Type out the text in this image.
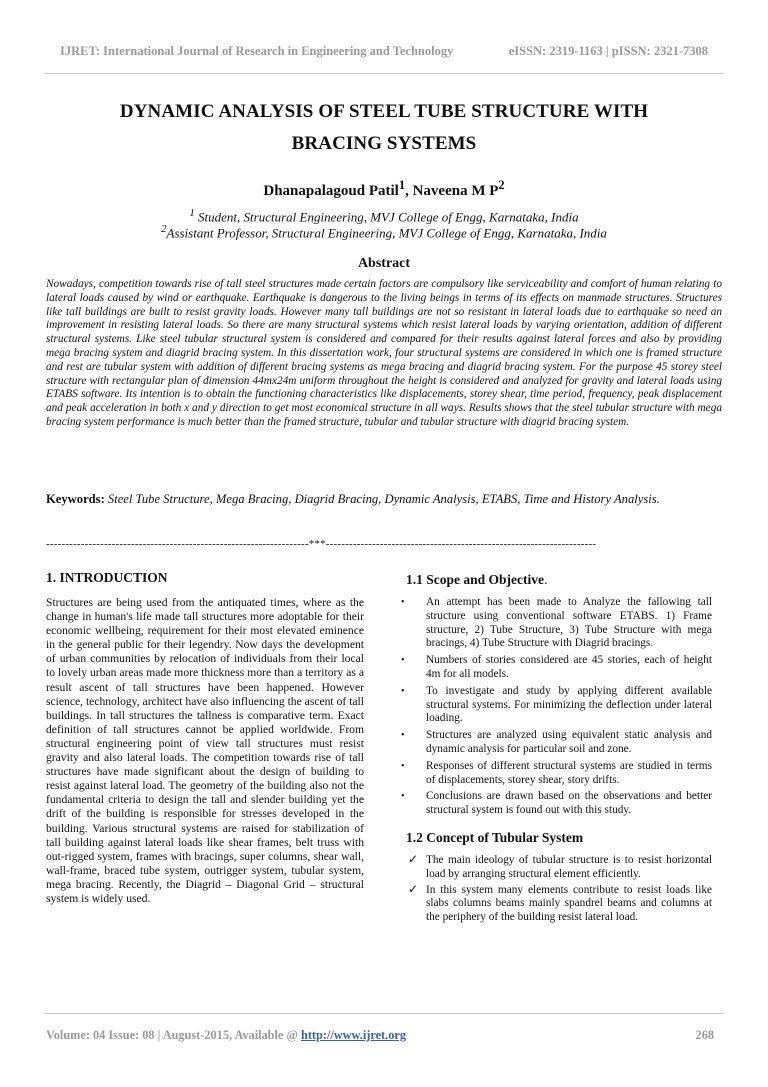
IJRET: International Journal of Research in Engineering and Technology	eISSN: 2319-1163 | pISSN: 2321-7308
DYNAMIC ANALYSIS OF STEEL TUBE STRUCTURE WITH
BRACING SYSTEMS
Dhanapalagoud Patil$^1$, Naveena M $P^2$
$^1$ Student, Structural Engineering, MVJ College of Engg, Karnataka, India
$^2$Assistant Professor, Structural Engineering, MVJ College of Engg, Karnataka, India
Abstract

Nowadays, competition towards rise of tall steel structures made certain factors are compulsory like serviceability and comfort of human relating to lateral loads caused by wind or earthquake. Earthquake is dangerous to the living beings in terms of its effects on manmade structures. Structures like tall buildings are built to resist gravity loads. However many tall buildings are not so resistant in lateral loads due to earthquake so need an improvement in resisting lateral loads. So there are many structural systems which resist lateral loads by varying orientation, addition of different structural systems. Like steel tubular structural system is considered and compared for their results against lateral forces and also by providing mega bracing system and diagrid bracing system. In this dissertation work, four structural systems are considered in which one is framed structure and rest are tubular system with addition of different bracing systems as mega bracing and diagrid bracing system. For the purpose 45 storey steel structure with rectangular plan of dimension 44mx24m uniform throughout the height is considered and analyzed for gravity and lateral loads using ETABS software. Its intention is to obtain the functioning characteristics like displacements, storey shear, time period, frequency, peak displacement and peak acceleration in both x and y direction to get most economical structure in all ways. Results shows that the steel tubular structure with mega bracing system performance is much better than the framed structure, tubular and tubular structure with diagrid bracing system.

Keywords: Steel Tube Structure, Mega Bracing, Diagrid Bracing, Dynamic Analysis, ETABS, Time and History Analysis.

--------------------------------------------------------------------***----------------------------------------------------------------------
1. INTRODUCTION

Structures are being used from the antiquated times, where as the change in human's life made tall structures more adoptable for their economic wellbeing, requirement for their most elevated eminence in the general public for their legendry. Now days the development of urban communities by relocation of individuals from their local to lovely urban areas made more thickness more than a territory as a result ascent of tall structures have been happened. However science, technology, architect have also influencing the ascent of tall buildings. In tall structures the tallness is comparative term. Exact definition of tall structures cannot be applied worldwide. From structural engineering point of view tall structures must resist gravity and also lateral loads. The competition towards rise of tall structures have made significant about the design of building to resist against lateral load. The geometry of the building also not the fundamental criteria to design the tall and slender building yet the drift of the building is responsible for stresses developed in the building. Various structural systems are raised for stabilization of tall building against lateral loads like shear frames, belt truss with out-rigged system, frames with bracings, super columns, shear wall, wall-frame, braced tube system, outrigger system, tubular system, mega bracing. Recently, the Diagrid – Diagonal Grid – structural system is widely used.

1.1 Scope and Objective.
• An attempt has been made to Analyze the fallowing tall structure using conventional software ETABS. 1) Frame structure, 2) Tube Structure, 3) Tube Structure with mega bracings, 4) Tube Structure with Diagrid bracings.
• Numbers of stories considered are 45 stories, each of height 4m for all models.
• To investigate and study by applying different available structural systems. For minimizing the deflection under lateral loading.
• Structures are analyzed using equivalent static analysis and dynamic analysis for particular soil and zone.
• Responses of different structural systems are studied in terms of displacements, storey shear, story drifts.
• Conclusions are drawn based on the observations and better structural system is found out with this study.
1.2 Concept of Tubular System
✓ The main ideology of tubular structure is to resist horizontal load by arranging structural element efficiently.
✓ In this system many elements contribute to resist loads like slabs columns beams mainly spandrel beams and columns at the periphery of the building resist lateral load.
Volume: 04 Issue: 08 | August-2015, Available @ http://www.ijret.org	268
